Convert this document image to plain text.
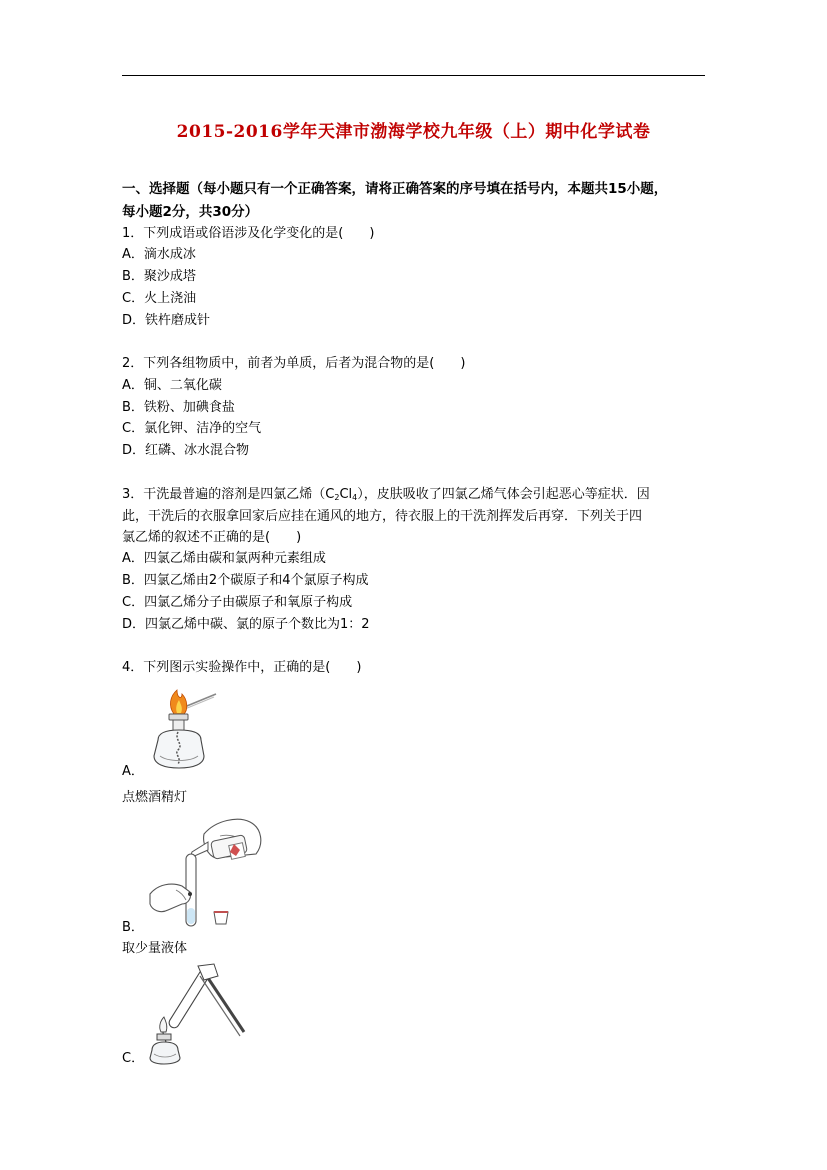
2015-2016学年天津市渤海学校九年级（上）期中化学试卷
一、选择题（每小题只有一个正确答案，请将正确答案的序号填在括号内，本题共15小题，
每小题2分，共30分）
1．下列成语或俗语涉及化学变化的是(　　)
A．滴水成冰
B．聚沙成塔
C．火上浇油
D．铁杵磨成针
2．下列各组物质中，前者为单质，后者为混合物的是(　　)
A．铜、二氧化碳
B．铁粉、加碘食盐
C．氯化钾、洁净的空气
D．红磷、冰水混合物
3．干洗最普遍的溶剂是四氯乙烯$(C_2Cl_4)$，皮肤吸收了四氯乙烯气体会引起恶心等症状．因
此，干洗后的衣服拿回家后应挂在通风的地方，待衣服上的干洗剂挥发后再穿．下列关于四
氯乙烯的叙述不正确的是(　　)
A．四氯乙烯由碳和氯两种元素组成
B．四氯乙烯由2个碳原子和4个氯原子构成
C．四氯乙烯分子由碳原子和氧原子构成
D．四氯乙烯中碳、氯的原子个数比为1：2
4．下列图示实验操作中，正确的是(　　)
A．
点燃酒精灯
B．
取少量液体
C．
